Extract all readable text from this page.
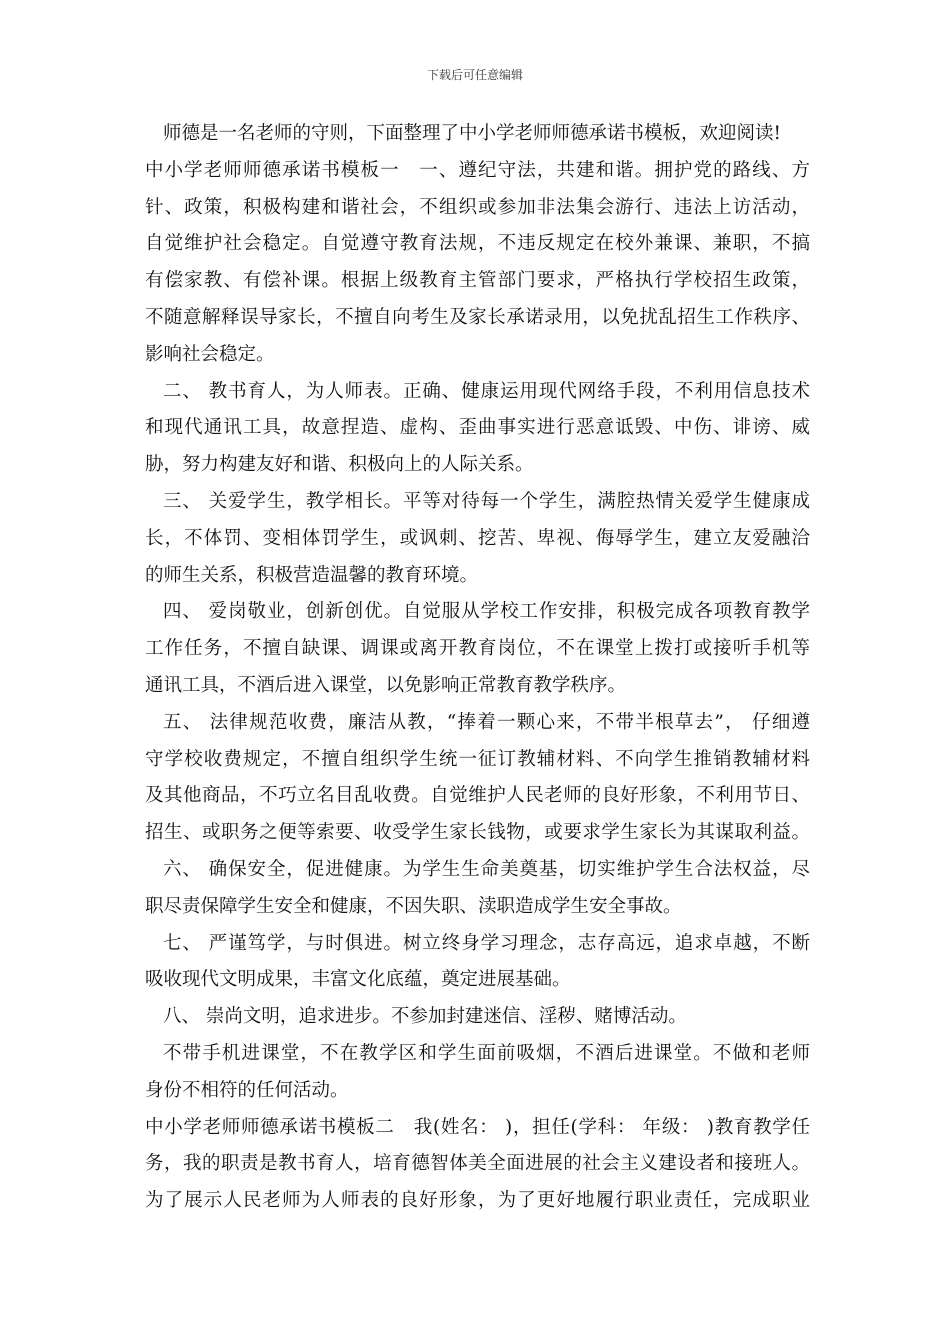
下载后可任意编辑
师德是一名老师的守则，下面整理了中小学老师师德承诺书模板，欢迎阅读!
中小学老师师德承诺书模板一　一、遵纪守法，共建和谐。拥护党的路线、方
针、政策，积极构建和谐社会，不组织或参加非法集会游行、违法上访活动，
自觉维护社会稳定。自觉遵守教育法规，不违反规定在校外兼课、兼职，不搞
有偿家教、有偿补课。根据上级教育主管部门要求，严格执行学校招生政策，
不随意解释误导家长，不擅自向考生及家长承诺录用，以免扰乱招生工作秩序、
影响社会稳定。
二、 教书育人，为人师表。正确、健康运用现代网络手段，不利用信息技术
和现代通讯工具，故意捏造、虚构、歪曲事实进行恶意诋毁、中伤、诽谤、威
胁，努力构建友好和谐、积极向上的人际关系。
三、 关爱学生，教学相长。平等对待每一个学生，满腔热情关爱学生健康成
长，不体罚、变相体罚学生，或讽刺、挖苦、卑视、侮辱学生，建立友爱融洽
的师生关系，积极营造温馨的教育环境。
四、 爱岗敬业，创新创优。自觉服从学校工作安排，积极完成各项教育教学
工作任务，不擅自缺课、调课或离开教育岗位，不在课堂上拨打或接听手机等
通讯工具，不酒后进入课堂，以免影响正常教育教学秩序。
五、 法律规范收费，廉洁从教，“捧着一颗心来，不带半根草去”， 仔细遵
守学校收费规定，不擅自组织学生统一征订教辅材料、不向学生推销教辅材料
及其他商品，不巧立名目乱收费。自觉维护人民老师的良好形象，不利用节日、
招生、或职务之便等索要、收受学生家长钱物，或要求学生家长为其谋取利益。
六、 确保安全，促进健康。为学生生命美奠基，切实维护学生合法权益，尽
职尽责保障学生安全和健康，不因失职、渎职造成学生安全事故。
七、 严谨笃学，与时俱进。树立终身学习理念，志存高远，追求卓越，不断
吸收现代文明成果，丰富文化底蕴，奠定进展基础。
八、 崇尚文明，追求进步。不参加封建迷信、淫秽、赌博活动。
不带手机进课堂，不在教学区和学生面前吸烟，不酒后进课堂。不做和老师
身份不相符的任何活动。
中小学老师师德承诺书模板二　我(姓名： )，担任(学科： 年级： )教育教学任
务，我的职责是教书育人，培育德智体美全面进展的社会主义建设者和接班人。
为了展示人民老师为人师表的良好形象，为了更好地履行职业责任，完成职业
